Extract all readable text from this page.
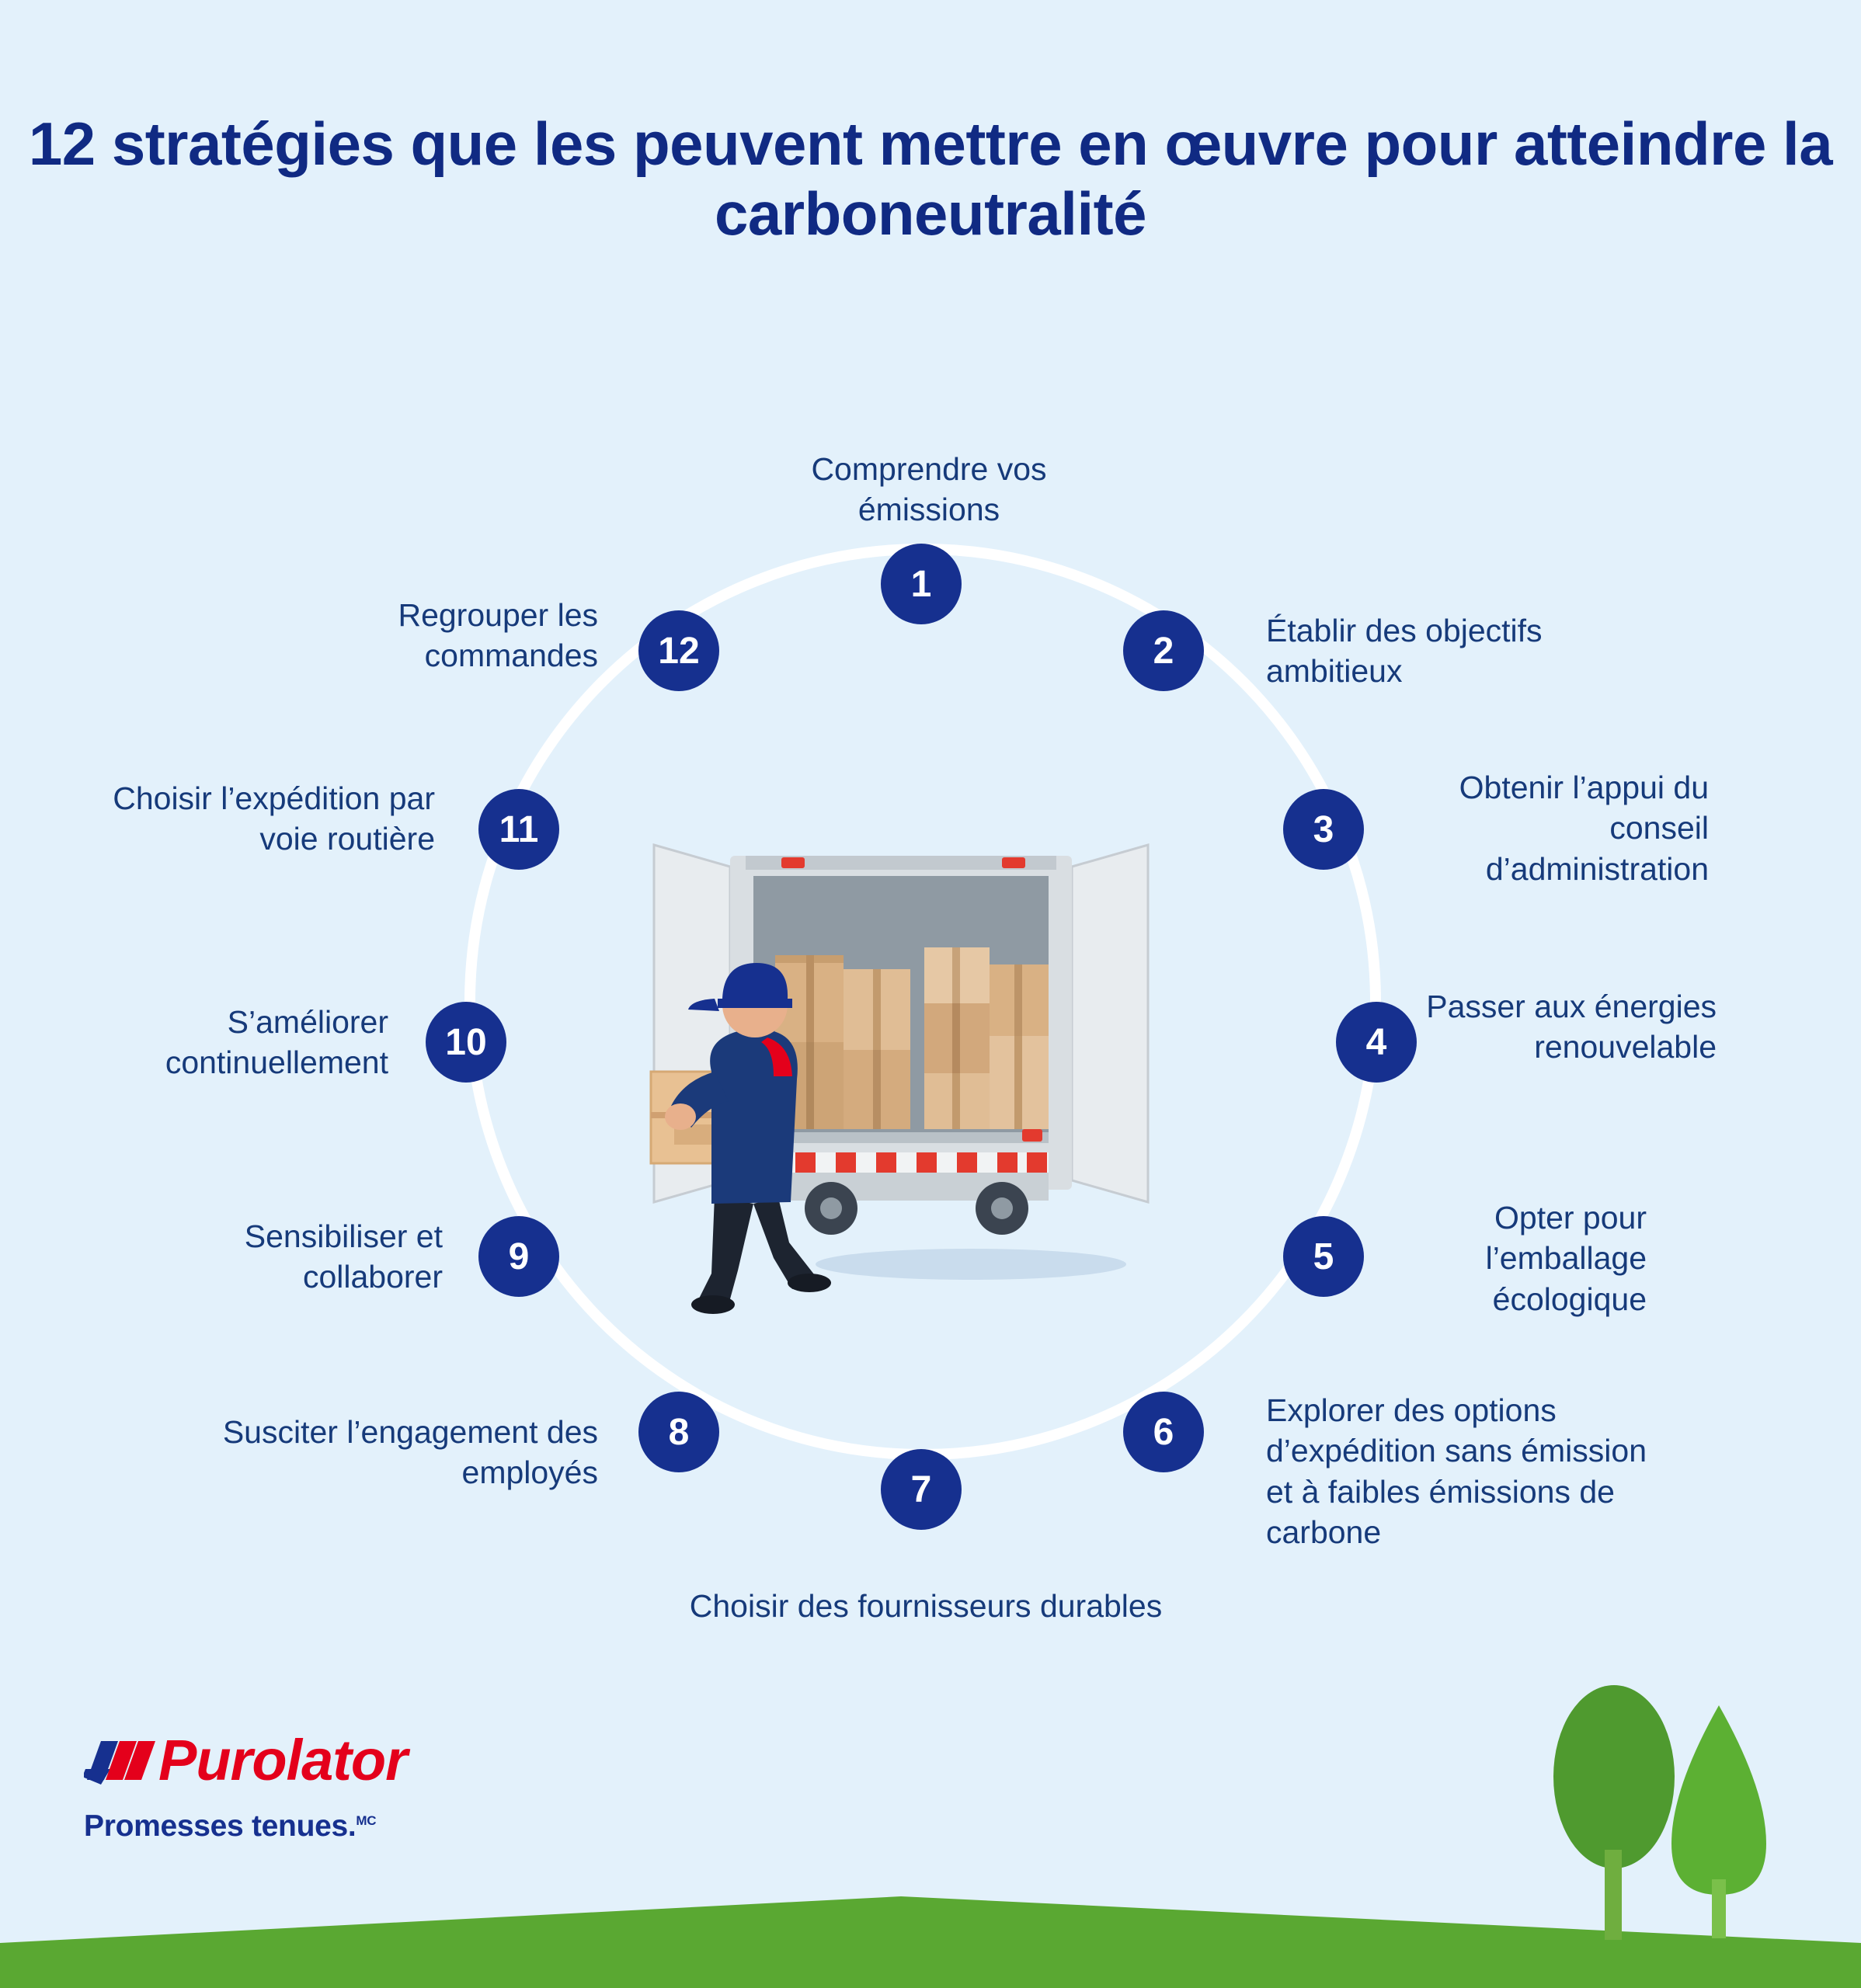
12 stratégies que les peuvent mettre en œuvre pour atteindre la carboneutralité
1
2
3
4
5
6
7
8
9
10
11
12
Comprendre vos émissions
Établir des objectifs ambitieux
Obtenir l’appui du conseil d’administration
Passer aux énergies renouvelable
Opter pour l’emballage écologique
Explorer des options d’expédition sans émission et à faibles émissions de carbone
Choisir des fournisseurs durables
Susciter l’engagement des employés
Sensibiliser et collaborer
S’améliorer continuellement
Choisir l’expédition par voie routière
Regrouper les commandes
Purolator
Promesses tenues.$^{MC}$
